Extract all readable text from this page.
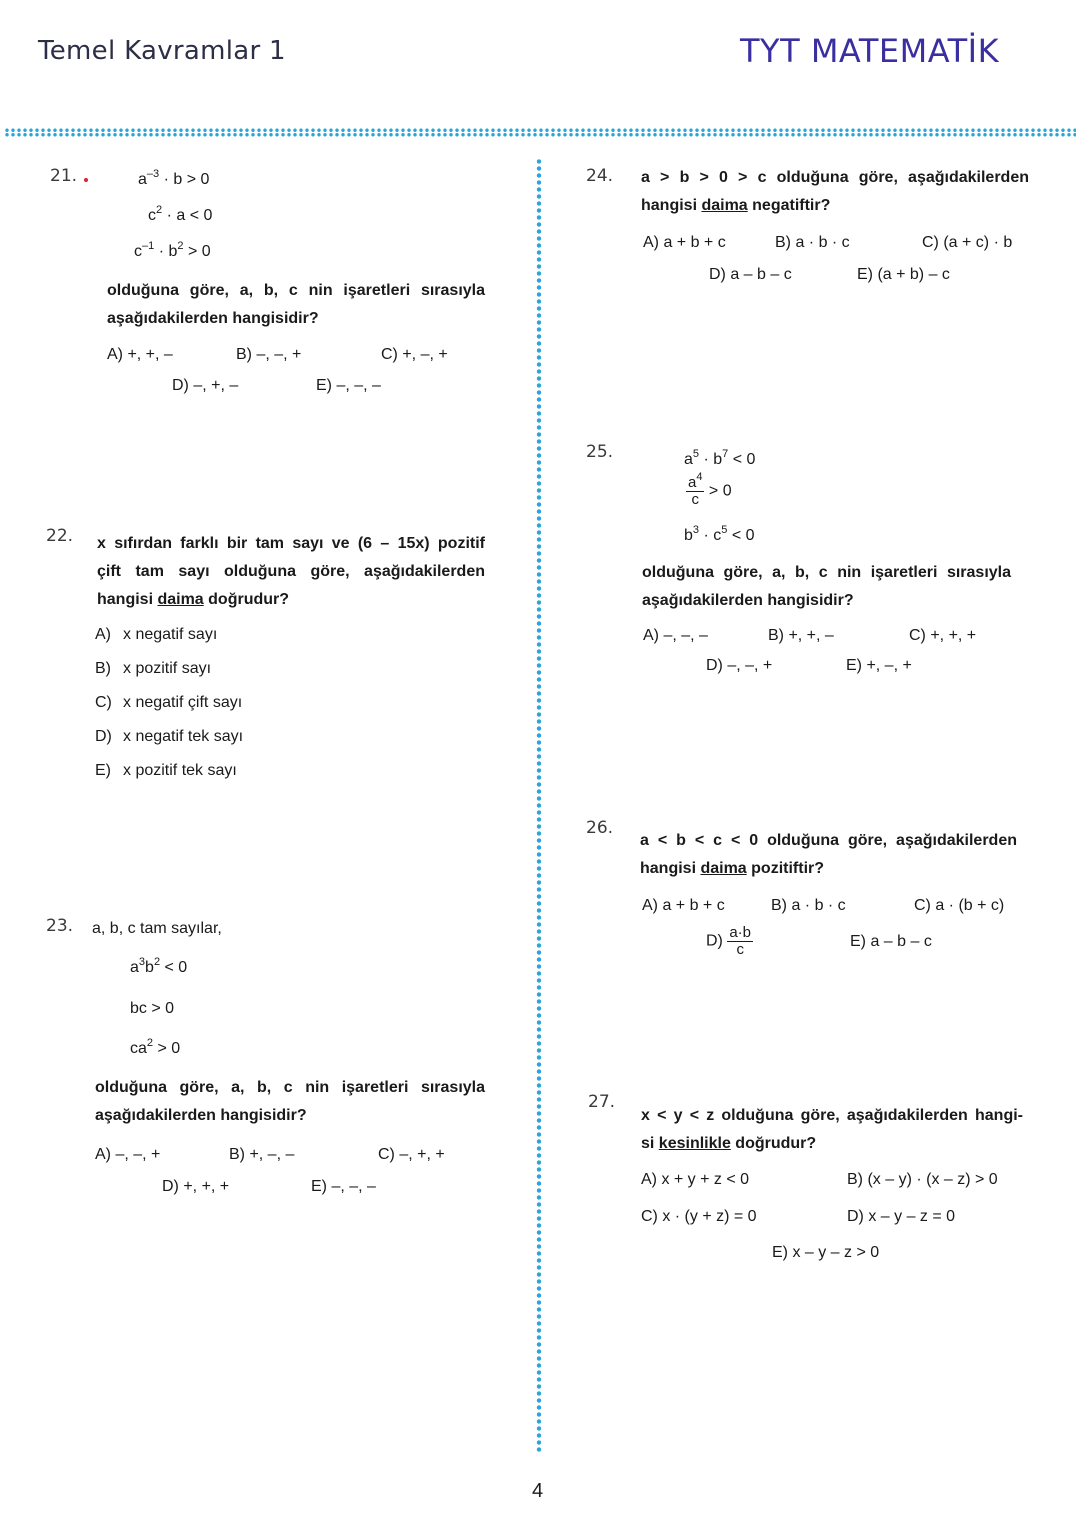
Temel Kavramlar 1	TYT MATEMATİK
21.	$a^{-3} \cdot b > 0$
$c^2 \cdot a < 0$
$c^{-1} \cdot b^2 > 0$
olduğuna göre, a, b, c nin işaretleri sırasıyla
aşağıdakilerden hangisidir?
A) +, +, –	B) –, –, +	C) +, –, +
D) –, +, –	E) –, –, –
22. x sıfırdan farklı bir tam sayı ve (6 – 15x) pozitif
çift tam sayı olduğuna göre, aşağıdakilerden
hangisi daima doğrudur?
A) x negatif sayı
B) x pozitif sayı
C) x negatif çift sayı
D) x negatif tek sayı
E) x pozitif tek sayı
23. a, b, c tam sayılar,
$a^3b^2 < 0$
bc > 0
$ca^2 > 0$
olduğuna göre, a, b, c nin işaretleri sırasıyla
aşağıdakilerden hangisidir?
A) –, –, +	B) +, –, –	C) –, +, +
D) +, +, +	E) –, –, –
24. a > b > 0 > c olduğuna göre, aşağıdakilerden
hangisi daima negatiftir?
A) a + b + c	B) a · b · c	C) (a + c) · b
D) a – b – c	E) (a + b) – c
25.	$a^5 \cdot b^7 < 0$
$\frac{a^4}{c} > 0$
$b^3 \cdot c^5 < 0$
olduğuna göre, a, b, c nin işaretleri sırasıyla
aşağıdakilerden hangisidir?
A) –, –, –	B) +, +, –	C) +, +, +
D) –, –, +	E) +, –, +
26.
a < b < c < 0 olduğuna göre, aşağıdakilerden
hangisi daima pozitiftir?
A) a + b + c	B) a · b · c	C) a · (b + c)
$D) \frac{a\cdot b}{c}$	E) a – b – c
27.
x < y < z olduğuna göre, aşağıdakilerden hangi-
si kesinlikle doğrudur?
A) x + y + z < 0	B) (x – y) · (x – z) > 0
C) x · (y + z) = 0	D) x – y – z = 0
E) x – y – z > 0
4
